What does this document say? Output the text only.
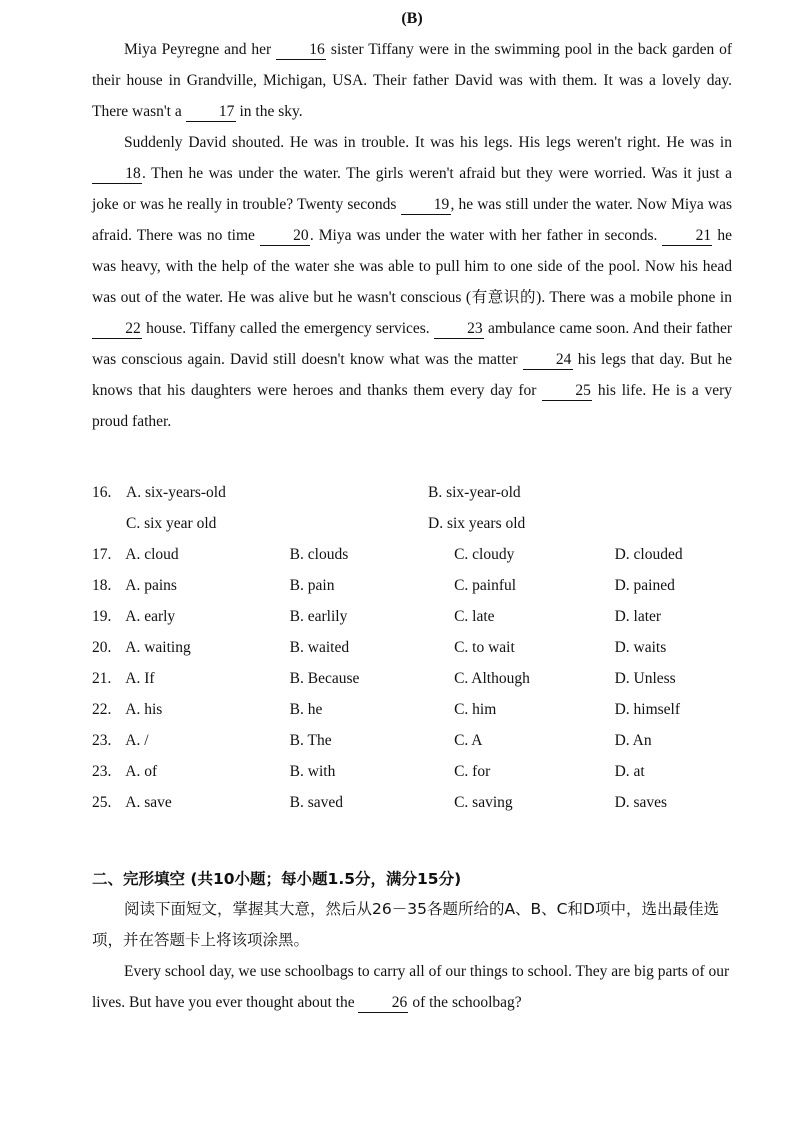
(B)

Miya Peyregne and her 16 sister Tiffany were in the swimming pool in the back garden of their house in Grandville, Michigan, USA. Their father David was with them. It was a lovely day. There wasn't a 17 in the sky.

Suddenly David shouted. He was in trouble. It was his legs. His legs weren't right. He was in 18. Then he was under the water. The girls weren't afraid but they were worried. Was it just a joke or was he really in trouble? Twenty seconds 19, he was still under the water. Now Miya was afraid. There was no time 20. Miya was under the water with her father in seconds. 21 he was heavy, with the help of the water she was able to pull him to one side of the pool. Now his head was out of the water. He was alive but he wasn't conscious (有意识的). There was a mobile phone in 22 house. Tiffany called the emergency services. 23 ambulance came soon. And their father was conscious again. David still doesn't know what was the matter 24 his legs that day. But he knows that his daughters were heroes and thanks them every day for 25 his life. He is a very proud father.

16. A. six-years-old	B. six-year-old
C. six year old	D. six years old
17. A. cloud	B. clouds	C. cloudy	D. clouded
18. A. pains	B. pain	C. painful	D. pained
19. A. early	B. earlily	C. late	D. later
20. A. waiting	B. waited	C. to wait	D. waits
21. A. If	B. Because	C. Although	D. Unless
22. A. his	B. he	C. him	D. himself
23. A. /	B. The	C. A	D. An
23. A. of	B. with	C. for	D. at
25. A. save	B. saved	C. saving	D. saves
二、完形填空 (共10小题；每小题1.5分，满分15分)

阅读下面短文，掌握其大意，然后从26－35各题所给的A、B、C和D项中，选出最佳选项，并在答题卡上将该项涂黑。

Every school day, we use schoolbags to carry all of our things to school. They are big parts of our lives. But have you ever thought about the 26 of the schoolbag?
